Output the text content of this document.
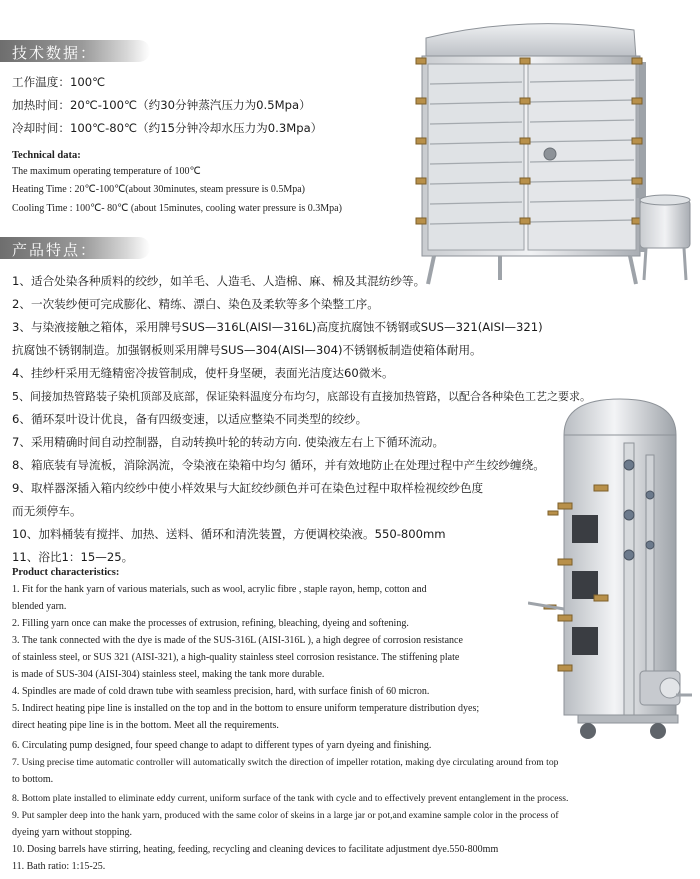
技术数据：
工作温度：100℃
加热时间：20℃-100℃（约30分钟蒸汽压力为0.5Mpa）
冷却时间：100℃-80℃（约15分钟冷却水压力为0.3Mpa）
Technical data:
The maximum operating temperature of 100℃
Heating Time : 20℃-100℃(about 30minutes, steam pressure is 0.5Mpa)
Cooling Time : 100℃- 80℃ (about 15minutes, cooling water pressure is 0.3Mpa)
产品特点：
1、适合处染各种质料的绞纱，如羊毛、人造毛、人造棉、麻、棉及其混纺纱等。
2、一次装纱便可完成膨化、精练、漂白、染色及柔软等多个染整工序。
3、与染液接触之箱体，采用牌号SUS—316L(AISI—316L)高度抗腐蚀不锈钢或SUS—321(AISI—321)
抗腐蚀不锈钢制造。加强钢板则采用牌号SUS—304(AISI—304)不锈钢板制造使箱体耐用。
4、挂纱杆采用无缝精密冷拔管制成，使杆身坚硬，表面光洁度达60微米。
5、间接加热管路装子染机顶部及底部，保证染料温度分布均匀，底部设有直接加热管路，以配合各种染色工艺之要求。
6、循环泵叶设计优良，备有四级变速，以适应整染不同类型的绞纱。
7、采用精确时间自动控制器，自动转换叶轮的转动方向. 使染液左右上下循环流动。
8、箱底装有导流板，消除涡流，令染液在染箱中均匀 循环，并有效地防止在处理过程中产生绞纱缠绕。
9、取样器深插入箱内绞纱中使小样效果与大缸绞纱颜色并可在染色过程中取样检视绞纱色度
而无须停车。
10、加料桶装有搅拌、加热、送料、循环和清洗装置，方便调校染液。550-800mm
11、浴比1：15—25。
Product characteristics:
1. Fit for the hank yarn of various materials, such as wool, acrylic fibre , staple rayon, hemp, cotton and
blended yarn.
2. Filling yarn once can make the processes of extrusion, refining, bleaching, dyeing and softening.
3. The tank connected with the dye is made of the SUS-316L (AISI-316L ), a high degree of corrosion resistance
of stainless steel, or SUS 321 (AISI-321), a high-quality stainless steel corrosion resistance. The stiffening plate
is made of SUS-304 (AISI-304) stainless steel, making the tank more durable.
4. Spindles are made of cold drawn tube with seamless precision, hard, with surface finish of 60 micron.
5. Indirect heating pipe line is installed on the top and in the bottom to ensure uniform temperature distribution dyes;
direct heating pipe line is in the bottom. Meet all the requirements.
6. Circulating pump designed, four speed change to adapt to different types of yarn dyeing and finishing.
7. Using precise time automatic controller will automatically switch the direction of impeller rotation, making dye circulating around from top
to bottom.
8. Bottom plate installed to eliminate eddy current, uniform surface of the tank with cycle and to effectively prevent entanglement in the process.
9. Put sampler deep into the hank yarn, produced with the same color of skeins in a large jar or pot,and examine sample color in the process of
dyeing yarn without stopping.
10. Dosing barrels have stirring, heating, feeding, recycling and cleaning devices to facilitate adjustment dye.550-800mm
11. Bath ratio: 1:15-25.
